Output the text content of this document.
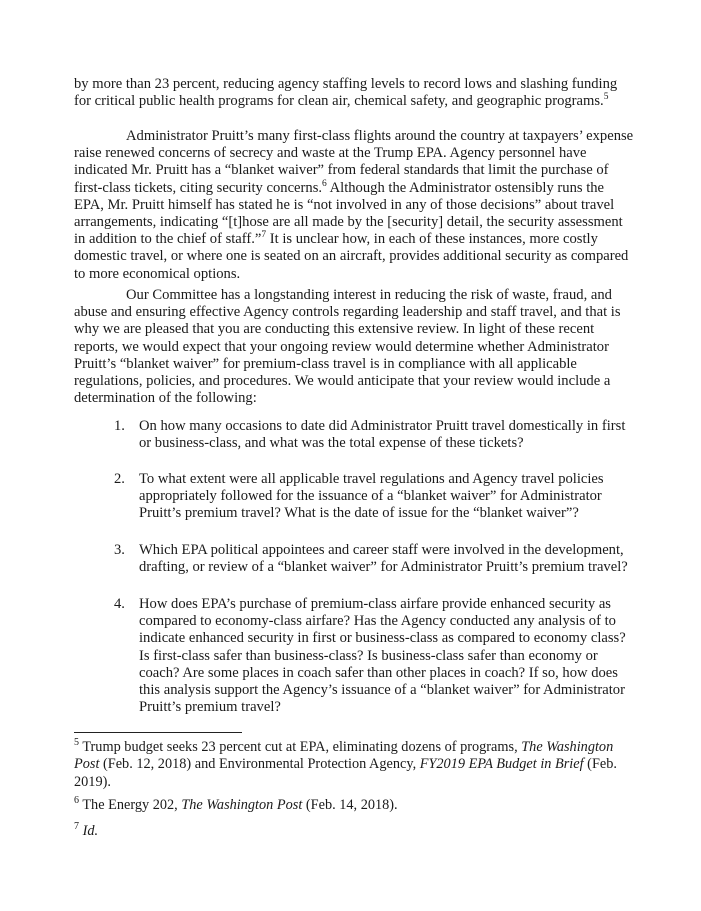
by more than 23 percent, reducing agency staffing levels to record lows and slashing funding for critical public health programs for clean air, chemical safety, and geographic programs.$^5$

Administrator Pruitt’s many first-class flights around the country at taxpayers’ expense raise renewed concerns of secrecy and waste at the Trump EPA. Agency personnel have indicated Mr. Pruitt has a “blanket waiver” from federal standards that limit the purchase of first-class tickets, citing security concerns.$^6$ Although the Administrator ostensibly runs the EPA, Mr. Pruitt himself has stated he is “not involved in any of those decisions” about travel arrangements, indicating “[t]hose are all made by the [security] detail, the security assessment in addition to the chief of staff.”$^7$ It is unclear how, in each of these instances, more costly domestic travel, or where one is seated on an aircraft, provides additional security as compared to more economical options.

Our Committee has a longstanding interest in reducing the risk of waste, fraud, and abuse and ensuring effective Agency controls regarding leadership and staff travel, and that is why we are pleased that you are conducting this extensive review. In light of these recent reports, we would expect that your ongoing review would determine whether Administrator Pruitt’s “blanket waiver” for premium-class travel is in compliance with all applicable regulations, policies, and procedures. We would anticipate that your review would include a determination of the following:

1. On how many occasions to date did Administrator Pruitt travel domestically in first or business-class, and what was the total expense of these tickets?
2. To what extent were all applicable travel regulations and Agency travel policies appropriately followed for the issuance of a “blanket waiver” for Administrator Pruitt’s premium travel? What is the date of issue for the “blanket waiver”?
3. Which EPA political appointees and career staff were involved in the development, drafting, or review of a “blanket waiver” for Administrator Pruitt’s premium travel?
4. How does EPA’s purchase of premium-class airfare provide enhanced security as compared to economy-class airfare? Has the Agency conducted any analysis of to indicate enhanced security in first or business-class as compared to economy class? Is first-class safer than business-class? Is business-class safer than economy or coach? Are some places in coach safer than other places in coach? If so, how does this analysis support the Agency’s issuance of a “blanket waiver” for Administrator Pruitt’s premium travel?

$^5$ Trump budget seeks 23 percent cut at EPA, eliminating dozens of programs, The Washington Post (Feb. 12, 2018) and Environmental Protection Agency, FY2019 EPA Budget in Brief (Feb. 2019).

$^6$ The Energy 202, The Washington Post (Feb. 14, 2018).

$^7$ Id.
